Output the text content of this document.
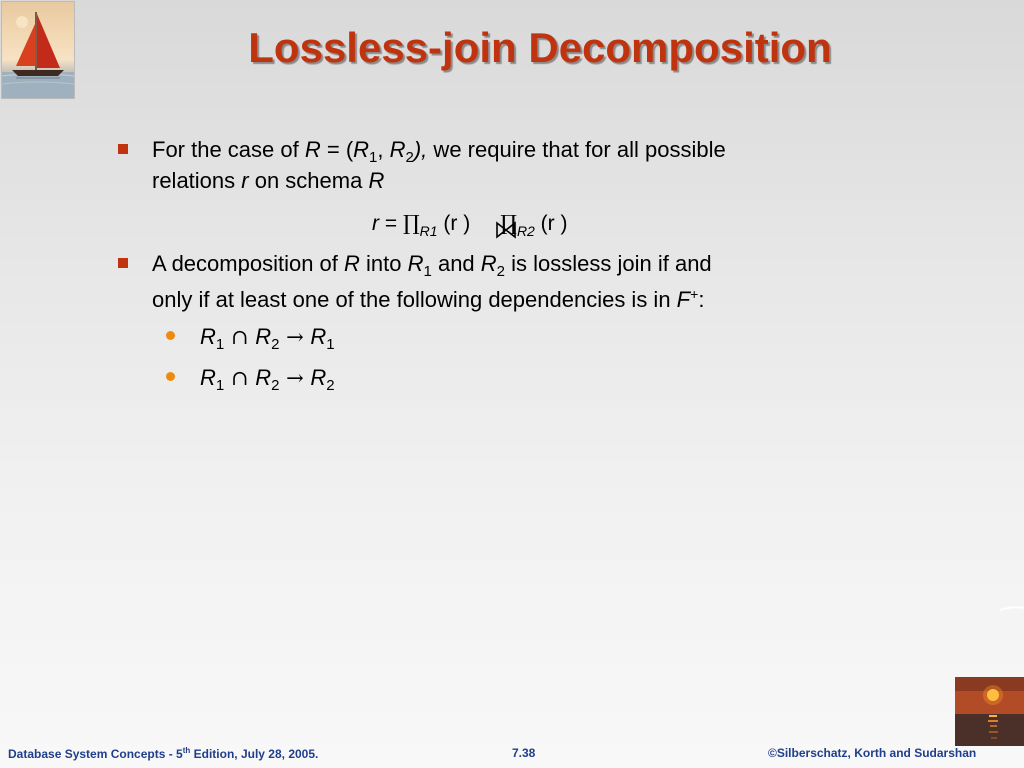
Lossless-join Decomposition
For the case of $R = (R_1$, $R_2$), we require that for all possible
relations r on schema R
$r = \prod_{R1}$ (r ) $\prod_{R2}$ (r )
A decomposition of R into $R_1$ and $R_2$ is lossless join if and
only if at least one of the following dependencies is in F+:
$R_1$ ∩ $R_2 \to R_1$
$R_1$ ∩ $R_2 \to R_2$
Database System Concepts - 5th Edition, July 28, 2005.	7.38	©Silberschatz, Korth and Sudarshan
